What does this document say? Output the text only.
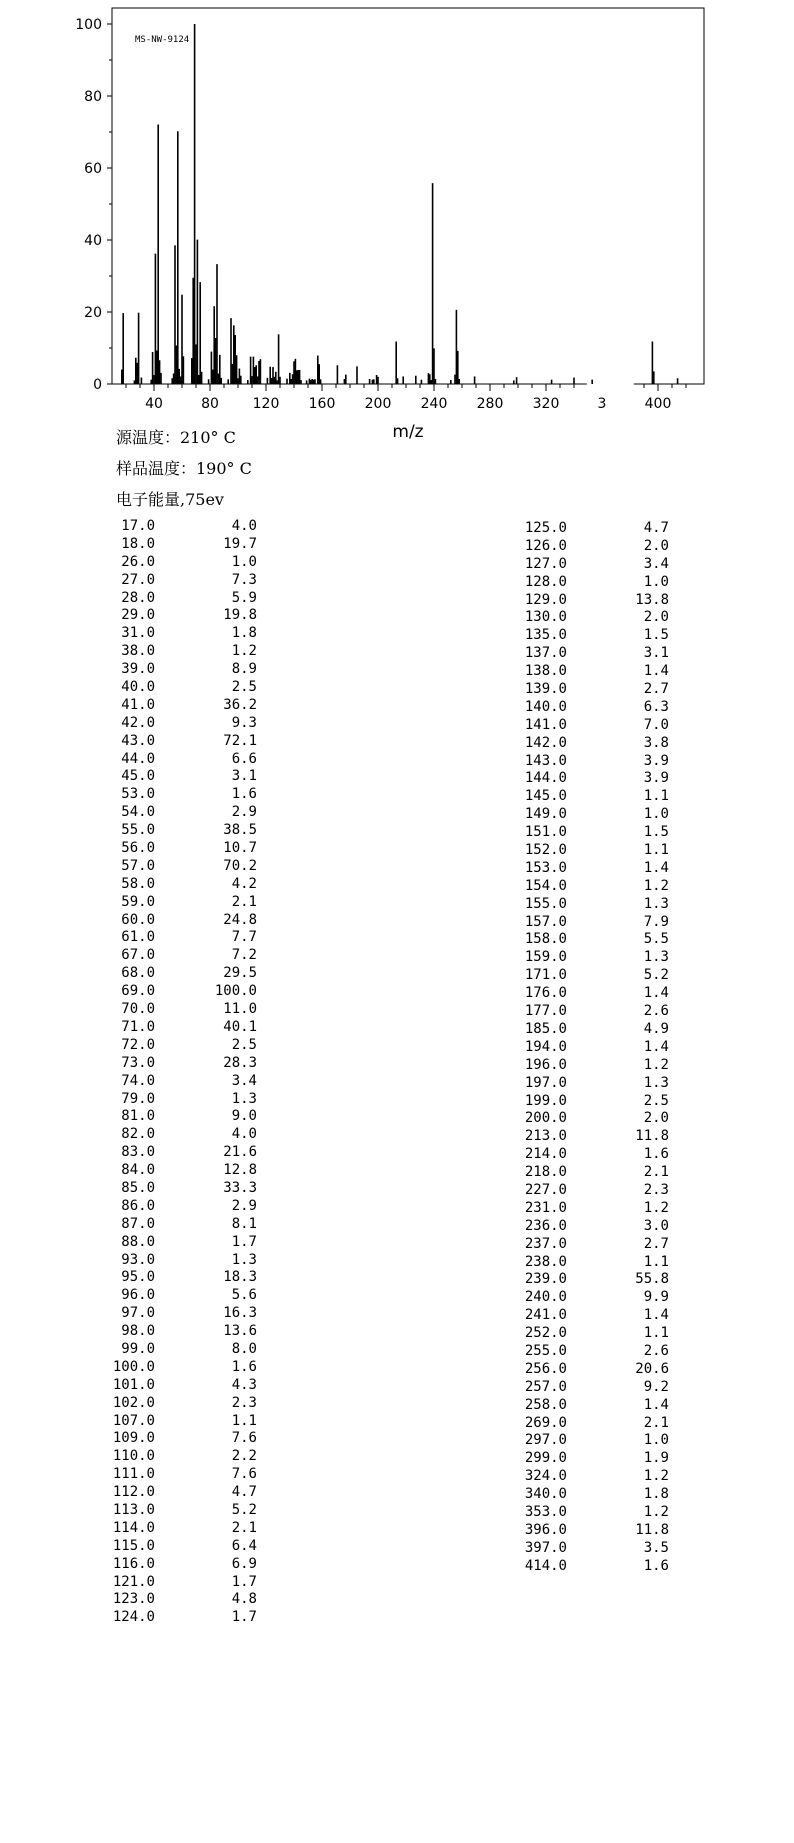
0
20
40
60
80
100
40	80 120 160 200 240 280 320	3	400
m/z
MS-NW-9124
源温度：210° C
样品温度：190° C
电子能量,75ev
17.0	4.0
18.0	19.7
26.0	1.0
27.0	7.3
28.0	5.9
29.0	19.8
31.0	1.8
38.0	1.2
39.0	8.9
40.0	2.5
41.0	36.2
42.0	9.3
43.0	72.1
44.0	6.6
45.0	3.1
53.0	1.6
54.0	2.9
55.0	38.5
56.0	10.7
57.0	70.2
58.0	4.2
59.0	2.1
60.0	24.8
61.0	7.7
67.0	7.2
68.0	29.5
69.0	100.0
70.0	11.0
71.0	40.1
72.0	2.5
73.0	28.3
74.0	3.4
79.0	1.3
81.0	9.0
82.0	4.0
83.0	21.6
84.0	12.8
85.0	33.3
86.0	2.9
87.0	8.1
88.0	1.7
93.0	1.3
95.0	18.3
96.0	5.6
97.0	16.3
98.0	13.6
99.0	8.0
100.0	1.6
101.0	4.3
102.0	2.3
107.0	1.1
109.0	7.6
110.0	2.2
111.0	7.6
112.0	4.7
113.0	5.2
114.0	2.1
115.0	6.4
116.0	6.9
121.0	1.7
123.0	4.8
124.0	1.7
125.0	4.7
126.0	2.0
127.0	3.4
128.0	1.0
129.0	13.8
130.0	2.0
135.0	1.5
137.0	3.1
138.0	1.4
139.0	2.7
140.0	6.3
141.0	7.0
142.0	3.8
143.0	3.9
144.0	3.9
145.0	1.1
149.0	1.0
151.0	1.5
152.0	1.1
153.0	1.4
154.0	1.2
155.0	1.3
157.0	7.9
158.0	5.5
159.0	1.3
171.0	5.2
176.0	1.4
177.0	2.6
185.0	4.9
194.0	1.4
196.0	1.2
197.0	1.3
199.0	2.5
200.0	2.0
213.0	11.8
214.0	1.6
218.0	2.1
227.0	2.3
231.0	1.2
236.0	3.0
237.0	2.7
238.0	1.1
239.0	55.8
240.0	9.9
241.0	1.4
252.0	1.1
255.0	2.6
256.0	20.6
257.0	9.2
258.0	1.4
269.0	2.1
297.0	1.0
299.0	1.9
324.0	1.2
340.0	1.8
353.0	1.2
396.0	11.8
397.0	3.5
414.0	1.6
